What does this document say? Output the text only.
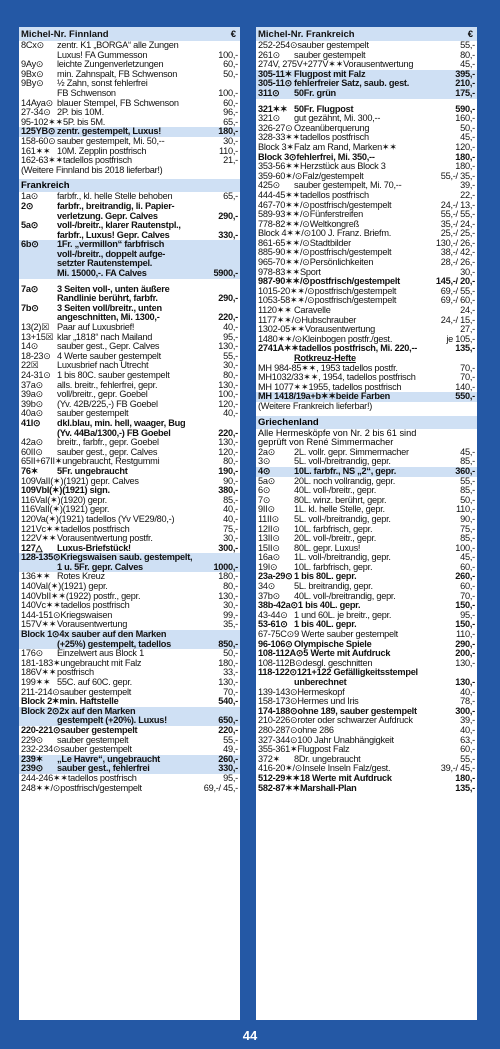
Michel-Nr. Finnland	€
8Cx⊙	zentr. K1 „BORGA“ alle Zungen
Luxus! FA Gummesson	100,-
9Ay⊙	leichte Zungenverletzungen	60,-
9Bx⊙	min. Zahnspalt, FB Schwenson	50,-
9By⊙	½ Zahn, sonst fehlerfrei
FB Schwenson	100,-
14Aya⊙ blauer Stempel, FB Schwenson	60,-
27-34⊙ 2P. bis 10M.	96,-
95-102✶✶ 5P. bis 5M.	65,-
125YB⊙ zentr. gestempelt, Luxus!	180,-
158-60⊙ sauber gestempelt, Mi. 50,--	30,-
161✶✶ 10M. Zepplin postfrisch	110,-
162-63✶✶ tadellos postfrisch	21,-
(Weitere Finnland bis 2018 lieferbar!)
Frankreich
1a⊙	farbfr., kl. helle Stelle behoben	65,-
2⊙	farbfr., breitrandig, li. Papier-
verletzung. Gepr. Calves	290,-
5a⊙	voll-/breitr., klarer Rautenstpl.,
farbfr., Luxus! Gepr. Calves	330,-
6b⊙	1Fr. „vermillon“ farbfrisch
voll-/breitr., doppelt aufge-
setzter Rautenstempel.
Mi. 15000,-. FA Calves	5900,-
7a⊙	3 Seiten voll-, unten äußere
Randlinie berührt, farbfr.	290,-
7b⊙	3 Seiten voll/breitr., unten
angeschnitten, Mi. 1300,-	220,-
13(2)☒ Paar auf Luxusbrief!	40,-
13+15☒ klar „1818“ nach Mailand	95,-
14⊙	sauber gest., Gepr. Calves	130,-
18-23⊙ 4 Werte sauber gestempelt	55,-
22☒	Luxusbrief nach Utrecht	30,-
24-31⊙ 1 bis 80C. sauber gestempelt	80,-
37a⊙	alls. breitr., fehlerfrei, gepr.	130,-
39a⊙	voll/breitr., gepr. Goebel	100,-
39b⊙	(Yv. 42B/225,-) FB Goebel	120,-
40a⊙	sauber gestempelt	40,-
41I⊙	dkl.blau, min. hell, waager, Bug
(Yv. 44Ba/1300,-) FB Goebel	220,-
42a⊙	breitr., farbfr., gepr. Goebel	130,-
60II⊙	sauber gest., gepr. Calves	120,-
65II+67II✶ ungebraucht, Restgummi	80,-
76✶	5Fr. ungebraucht	190,-
109VaII(✶) (1921) gepr. Calves	90,-
109VbI(✶) (1921) sign.	380,-
116VaI(✶) (1920) gepr.	85,-
116VaII(✶) (1921) gepr.	40,-
120Va(✶) (1921) tadellos (Yv VE29/80,-)	40,-
121Vc✶✶ tadellos postfrisch	75,-
122V✶✶ Vorausentwertung postfr.	30,-
127△	Luxus-Briefstück!	300,-
128-135⊙ Kriegswaisen saub. gestempelt,
1 u. 5Fr. gepr. Calves	1000,-
136✶✶ Rotes Kreuz	180,-
140VaI(✶) (1921) gepr.	80,-
140VbII✶✶ (1922) postfr., gepr.	130,-
140Vc✶✶ tadellos postfrisch	30,-
144-151⊙ Kriegswaisen	99,-
157V✶✶ Vorausentwertung	35,-
Block 1⊙ 4x sauber auf den Marken
(+25%) gestempelt, tadellos	850,-
176⊙	Einzelwert aus Block 1	50,-
181-183✶ ungebraucht mit Falz	180,-
186V✶✶ postfrisch	33,-
199✶✶ 55C. auf 60C. gepr.	130,-
211-214⊙ sauber gestempelt	70,-
Block 2✶ min. Haftstelle	540,-
Block 2⊙ 2x auf den Marken
gestempelt (+20%). Luxus!	650,-
220-221⊙ sauber gestempelt	220,-
229⊙	sauber gestempelt	55,-
232-234⊙ sauber gestempelt	49,-
239✶	„Le Havre“, ungebraucht	260,-
239⊙	sauber gest., fehlerfrei	330,-
244-246✶✶ tadellos postfrisch	95,-
248✶✶/⊙ postfrisch/gestempelt	69,-/ 45,-
Michel-Nr. Frankreich	€
252-254⊙ sauber gestempelt	55,-
261⊙	sauber gestempelt	80,-
274V, 275V+277V✶✶ Vorausentwertung	45,-
305-11✶ Flugpost mit Falz	395,-
305-11⊙ fehlerfreier Satz, saub. gest.	210,-
311⊙	50Fr. grün	175,-
321✶✶ 50Fr. Flugpost	590,-
321⊙	gut gezähnt, Mi. 300,--	160,-
326-27⊙ Ozeanüberquerung	50,-
328-33✶✶ tadellos postfrisch	45,-
Block 3✶ Falz am Rand, Marken✶✶	120,-
Block 3⊙ fehlerfrei, Mi. 350,--	180,-
353-56✶✶ Herzstück aus Block 3	180,-
359-60✶/⊙ Falz/gestempelt	55,-/ 35,-
425⊙	sauber gestempelt, Mi. 70,--	39,-
444-45✶✶ tadellos postfrisch	22,-
467-70✶✶/⊙ postfrisch/gestempelt	24,-/ 13,-
589-93✶✶/⊙ Fünferstreifen	55,-/ 55,-
778-82✶✶/⊙ Weltkongreß	35,-/ 24,-
Block 4✶✶/⊙ 100 J. Franz. Briefm.	25,-/ 25,-
861-65✶✶/⊙ Stadtbilder	130,-/ 26,-
885-90✶✶/⊙ postfrisch/gestempelt	38,-/ 42,-
965-70✶✶/⊙ Persönlichkeiten	28,-/ 26,-
978-83✶✶ Sport	30,-
987-90✶✶/⊙ postfrisch/gestempelt	145,-/ 20,-
1015-20✶✶/⊙ postfrisch/gestempelt	69,-/ 55,-
1053-58✶✶/⊙ postfrisch/gestempelt	69,-/ 60,-
1120✶✶ Caravelle	24,-
1177✶✶/⊙ Hubschrauber	24,-/ 15,-
1302-05✶✶ Vorausentwertung	27,-
1480✶✶/⊙ Kleinbogen postfr./gest.	je 105,-
2741A✶✶ tadellos postfrisch, Mi. 220,--	135,-
Rotkreuz-Hefte
MH 984-85✶✶ , 1953 tadellos postfr.	70,-
MH1032/33✶✶ , 1954, tadellos postfrisch	70,-
MH 1077✶✶ 1955, tadellos postfrisch	140,-
MH 1418/19a+b✶✶ beide Farben	550,-
(Weitere Frankreich lieferbar!)
Griechenland
Alle Hermesköpfe von Nr. 2 bis 61 sind
geprüft von René Simmermacher
2a⊙	2L. vollr. gepr. Simmermacher	45,-
3⊙	5L. voll-/breitrandig, gepr.	85,-
4⊙	10L. farbfr., NS „2“, gepr.	360,-
5a⊙	20L. noch vollrandig, gepr.	55,-
6⊙	40L. voll-/breitr., gepr.	85,-
7⊙	80L. winz. berührt, gepr.	50,-
9II⊙	1L. kl. helle Stelle, gepr.	110,-
11II⊙	5L. voll-/breitrandig, gepr.	90,-
12II⊙	10L. farbfrisch, gepr.	75,-
13II⊙	20L. voll-/breitr., gepr.	85,-
15II⊙	80L. gepr. Luxus!	100,-
16a⊙	1L. voll-/breitrandig, gepr.	45,-
19I⊙	10L. farbfrisch, gepr.	60,-
23a-29⊙ 1 bis 80L. gepr.	260,-
34⊙	5L. breitrandig, gepr.	60,-
37b⊙	40L. voll-/breitrandig, gepr.	70,-
38b-42a⊙ 1 bis 40L. gepr.	150,-
43-44⊙ 1 und 60L. je breitr., gepr.	95,-
53-61⊙ 1 bis 40L. gepr.	150,-
67-75C⊙ 9 Werte sauber gestempelt	110,-
96-106⊙ Olympische Spiele	290,-
108-112A⊙ 5 Werte mit Aufdruck	200,-
108-112B⊙ desgl. geschnitten	130,-
118-122⊙ 121+122 Gefälligkeitsstempel
unberechnet	130,-
139-143⊙ Hermeskopf	40,-
158-173⊙ Hermes und Iris	78,-
174-188⊙ ohne 189, sauber gestempelt	300,-
210-226⊙ roter oder schwarzer Aufdruck	39,-
280-287⊙ ohne 286	40,-
327-344⊙ 100 Jahr Unabhängigkeit	63,-
355-361✶ Flugpost Falz	60,-
372✶	8Dr. ungebraucht	55,-
416-20✶/⊙ Insele Inseln Falz/gest.	39,-/ 45,-
512-29✶✶ 18 Werte mit Aufdruck	180,-
582-87✶✶ Marshall-Plan	135,-
44
